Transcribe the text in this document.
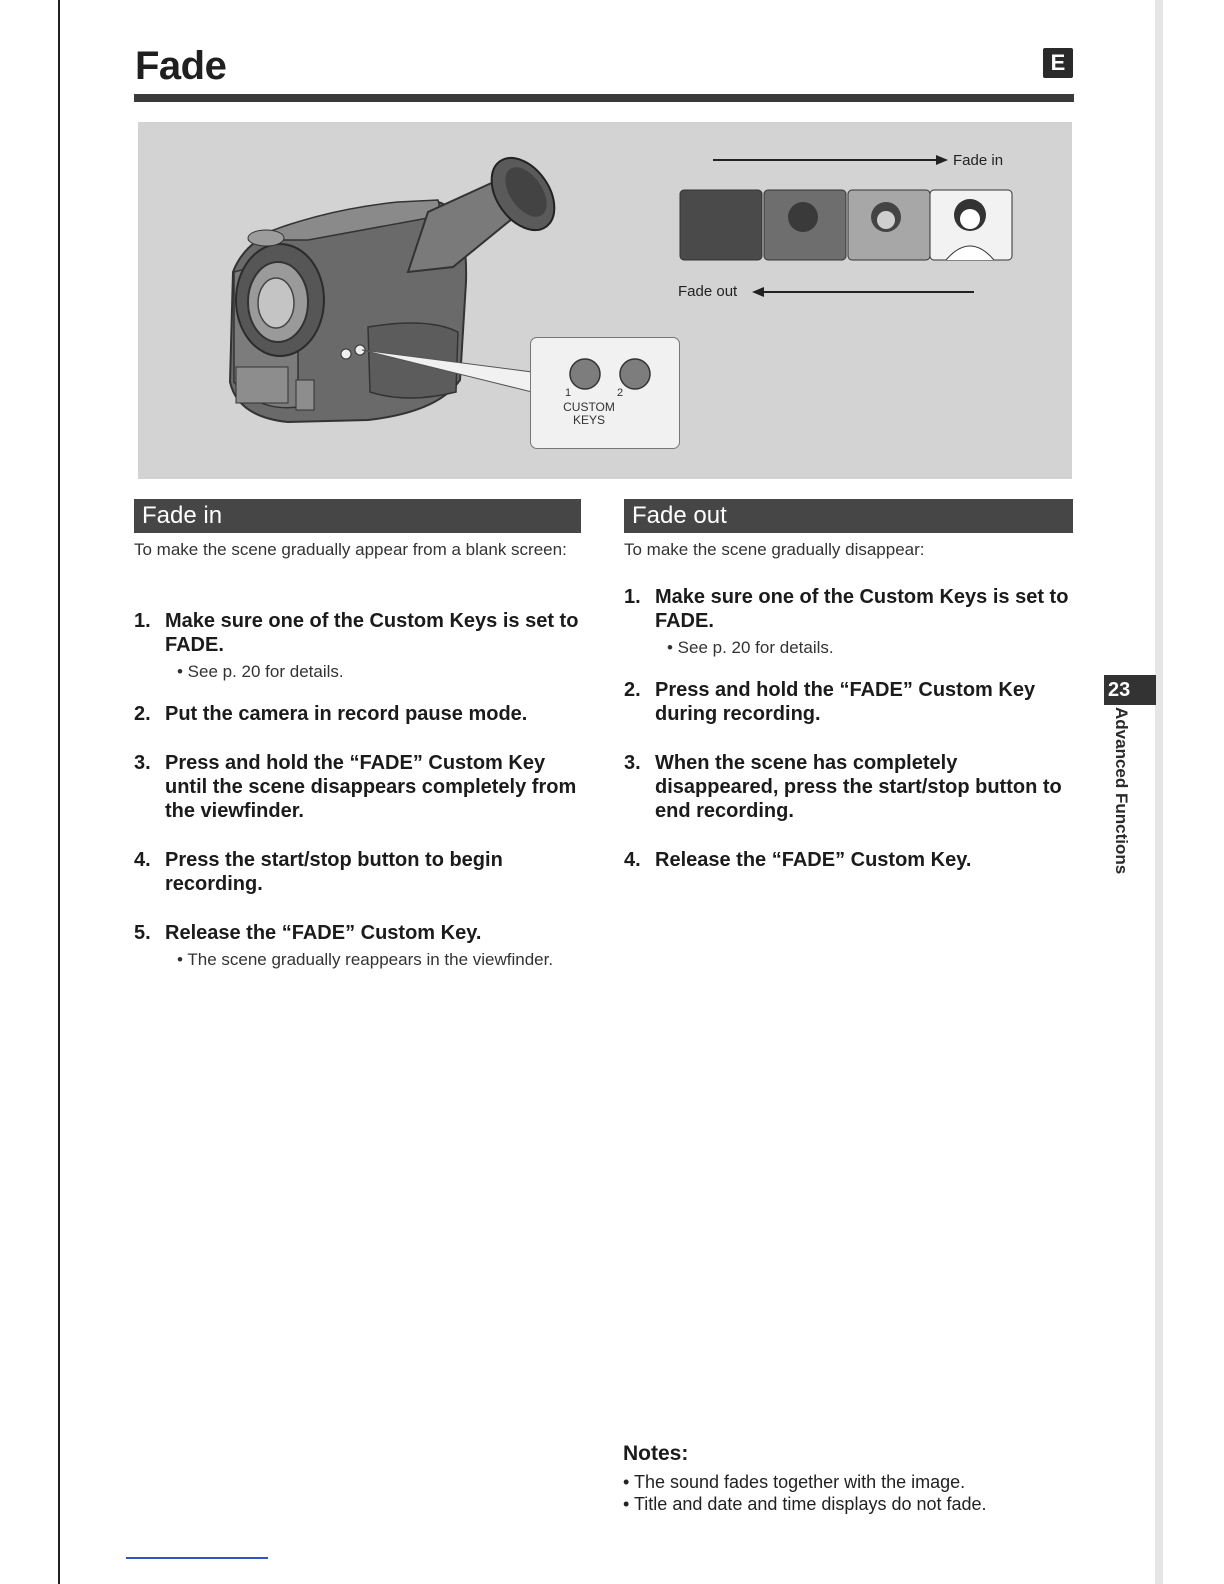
Fade	E
Fade in
Fade out
1	2
CUSTOM
KEYS
Fade in
To make the scene gradually appear from a blank screen:
1. Make sure one of the Custom Keys is set to FADE.
• See p. 20 for details.
2. Put the camera in record pause mode.
3. Press and hold the “FADE” Custom Key until the scene disappears completely from the viewfinder.
4. Press the start/stop button to begin recording.
5. Release the “FADE” Custom Key.
• The scene gradually reappears in the viewfinder.
Fade out
To make the scene gradually disappear:
1. Make sure one of the Custom Keys is set to FADE.
• See p. 20 for details.
2. Press and hold the “FADE” Custom Key during recording.
3. When the scene has completely disappeared, press the start/stop button to end recording.
4. Release the “FADE” Custom Key.
23
Advanced Functions
Notes:
• The sound fades together with the image.
• Title and date and time displays do not fade.
